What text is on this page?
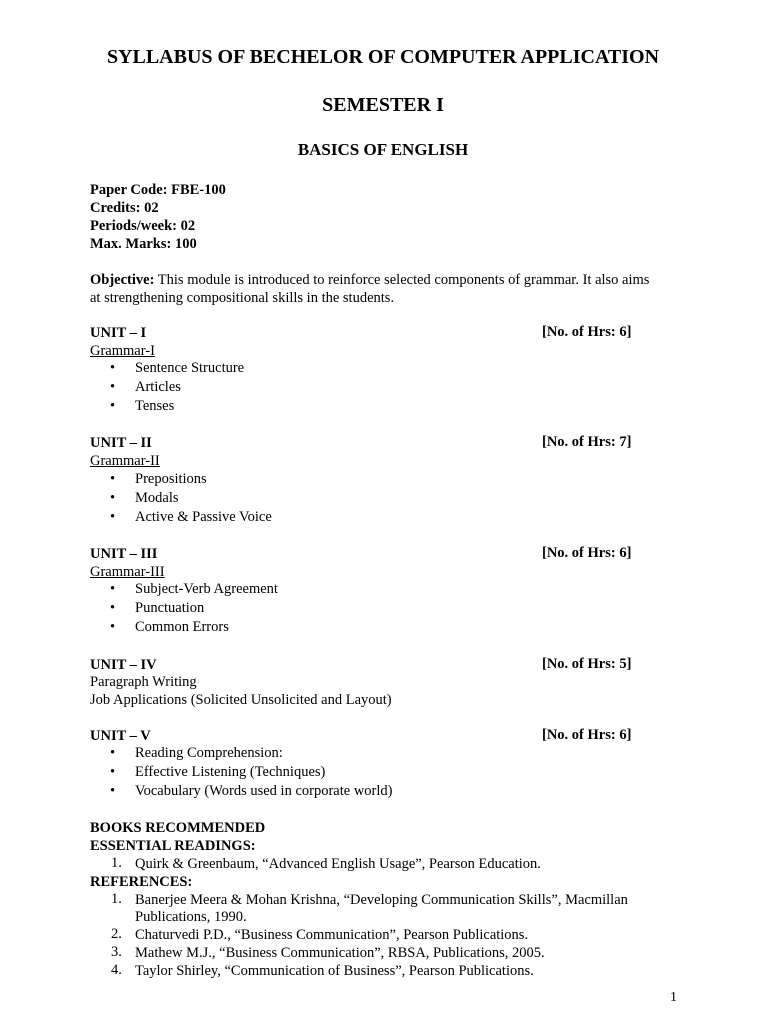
SYLLABUS OF BECHELOR OF COMPUTER APPLICATION
SEMESTER I
BASICS OF ENGLISH
Paper Code: FBE-100
Credits: 02
Periods/week: 02
Max. Marks: 100
Objective: This module is introduced to reinforce selected components of grammar. It also aims
at strengthening compositional skills in the students.
UNIT – I	[No. of Hrs: 6]
Grammar-I
• Sentence Structure
• Articles
• Tenses
UNIT – II	[No. of Hrs: 7]
Grammar-II
• Prepositions
• Modals
• Active & Passive Voice
UNIT – III	[No. of Hrs: 6]
Grammar-III
• Subject-Verb Agreement
• Punctuation
• Common Errors
UNIT – IV	[No. of Hrs: 5]
Paragraph Writing
Job Applications (Solicited Unsolicited and Layout)
UNIT – V	[No. of Hrs: 6]
• Reading Comprehension:
• Effective Listening (Techniques)
• Vocabulary (Words used in corporate world)
BOOKS RECOMMENDED
ESSENTIAL READINGS:
1. Quirk & Greenbaum, “Advanced English Usage”, Pearson Education.
REFERENCES:
1. Banerjee Meera & Mohan Krishna, “Developing Communication Skills”, Macmillan
Publications, 1990.
2. Chaturvedi P.D., “Business Communication”, Pearson Publications.
3. Mathew M.J., “Business Communication”, RBSA, Publications, 2005.
4. Taylor Shirley, “Communication of Business”, Pearson Publications.
1
